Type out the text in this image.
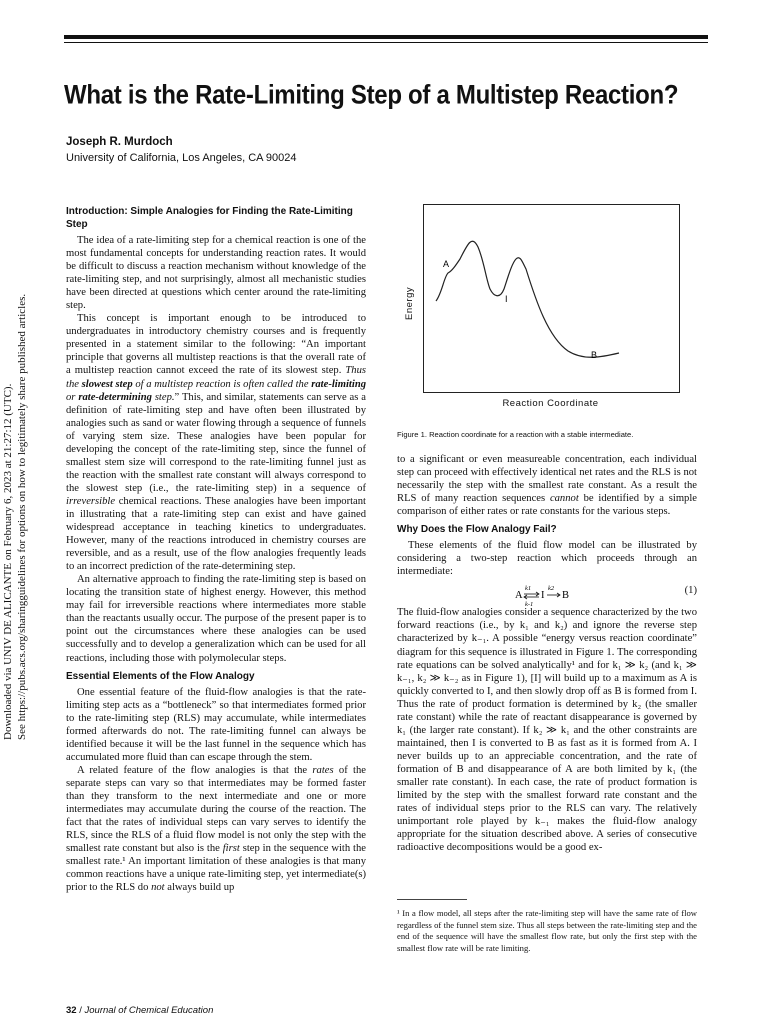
Downloaded via UNIV DE ALICANTE on February 6, 2023 at 21:27:12 (UTC). See https://pubs.acs.org/sharingguidelines for options on how to legitimately share published articles.
What is the Rate-Limiting Step of a Multistep Reaction?
Joseph R. Murdoch
University of California, Los Angeles, CA 90024
Introduction: Simple Analogies for Finding the Rate-Limiting Step

The idea of a rate-limiting step for a chemical reaction is one of the most fundamental concepts for understanding reaction rates. It would be difficult to discuss a reaction mechanism without knowledge of the rate-limiting step, and not surprisingly, almost all mechanistic studies have been directed at questions which center around the rate-limiting step.

This concept is important enough to be introduced to undergraduates in introductory chemistry courses and is frequently presented in a statement similar to the following: “An important principle that governs all multistep reactions is that the overall rate of a multistep reaction cannot exceed the rate of its slowest step. Thus the slowest step of a multistep reaction is often called the rate-limiting or rate-determining step.” This, and similar, statements can serve as a definition of rate-limiting step and have often been illustrated by analogies such as sand or water flowing through a sequence of funnels of varying stem size. These analogies have been popular for developing the concept of the rate-limiting step, since the funnel of smallest stem size will correspond to the rate-limiting funnel just as the reaction with the smallest rate constant will always correspond to the slowest step (i.e., the rate-limiting step) in a sequence of irreversible chemical reactions. These analogies have been important in illustrating that a rate-limiting step can exist and have gained widespread acceptance in teaching kinetics to undergraduates. However, many of the reactions introduced in chemistry courses are reversible, and as a result, use of the flow analogies frequently leads to an incorrect prediction of the rate-determining step.

An alternative approach to finding the rate-limiting step is based on locating the transition state of highest energy. However, this method may fail for irreversible reactions where intermediates more stable than the reactants usually occur. The purpose of the present paper is to point out the circumstances where these analogies can be used successfully and to develop a generalization which can be used for all reactions, including those with polymolecular steps.

Essential Elements of the Flow Analogy

One essential feature of the fluid-flow analogies is that the rate-limiting step acts as a “bottleneck” so that intermediates formed prior to the rate-limiting step (RLS) may accumulate, while intermediates formed afterwards do not. The rate-limiting funnel can always be identified because it will be the last funnel in the sequence which has accumulated more fluid than can escape through the stem.

A related feature of the flow analogies is that the rates of the separate steps can vary so that intermediates may be formed faster than they transform to the next intermediate and one or more intermediates may accumulate during the course of the reaction. The fact that the rates of individual steps can vary serves to identify the RLS, since the RLS of a fluid flow model is not only the step with the smallest rate constant but also is the first step in the sequence with the smallest rate.¹ An important limitation of these analogies is that many common reactions have a unique rate-limiting step, yet intermediate(s) prior to the RLS do not always build up

A
I
B
Energy
Reaction Coordinate
Figure 1. Reaction coordinate for a reaction with a stable intermediate.

to a significant or even measureable concentration, each individual step can proceed with effectively identical net rates and the RLS is not necessarily the step with the smallest rate constant. As a result the RLS of many reaction sequences cannot be identified by a simple comparison of either rates or rate constants for the various steps.

Why Does the Flow Analogy Fail?

These elements of the fluid flow model can be illustrated by considering a two-step reaction which proceeds through an intermediate:

A
k1
k-1
I
k2
B	(1)

The fluid-flow analogies consider a sequence characterized by the two forward reactions (i.e., by k₁ and k₂) and ignore the reverse step characterized by k₋₁. A possible “energy versus reaction coordinate” diagram for this sequence is illustrated in Figure 1. The corresponding rate equations can be solved analytically¹ and for k₁ ≫ k₂ (and k₁ ≫ k₋₁, k₂ ≫ k₋₂ as in Figure 1), [I] will build up to a maximum as A is quickly converted to I, and then slowly drop off as B is formed from I. Thus the rate of product formation is determined by k₂ (the smaller rate constant) while the rate of reactant disappearance is governed by k₁ (the larger rate constant). If k₂ ≫ k₁ and the other constraints are maintained, then I is converted to B as fast as it is formed from A. I never builds up to an appreciable concentration, and the rate of formation of B and disappearance of A are both limited by k₁ (the smaller rate constant). In each case, the rate of product formation is limited by the step with the smallest forward rate constant and the rates of individual steps prior to the RLS can vary. The relatively unimportant role played by k₋₁ makes the fluid-flow analogy appropriate for the situation described above. A series of consecutive radioactive decompositions would be a good ex-

¹ In a flow model, all steps after the rate-limiting step will have the same rate of flow regardless of the funnel stem size. Thus all steps between the rate-limiting step and the end of the sequence will have the smallest flow rate, but only the first step with the smallest flow rate will be rate limiting.
32 / Journal of Chemical Education
